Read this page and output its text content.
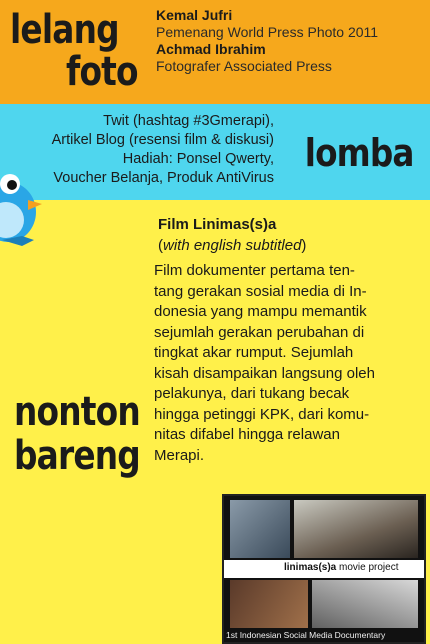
lelang
foto
Kemal Jufri
Pemenang World Press Photo 2011
Achmad Ibrahim
Fotografer Associated Press
Twit (hashtag #3Gmerapi),
Artikel Blog (resensi film & diskusi)
Hadiah: Ponsel Qwerty,
Voucher Belanja, Produk AntiVirus
lomba
Film Linimas(s)a
(with english subtitled)
Film dokumenter pertama ten-
tang gerakan sosial media di In-
donesia yang mampu memantik
sejumlah gerakan perubahan di
tingkat akar rumput. Sejumlah
kisah disampaikan langsung oleh
pelakunya, dari tukang becak
hingga petinggi KPK, dari komu-
nitas difabel hingga relawan
Merapi.
nonton
bareng
linimas(s)a movie project
1st Indonesian Social Media Documentary
